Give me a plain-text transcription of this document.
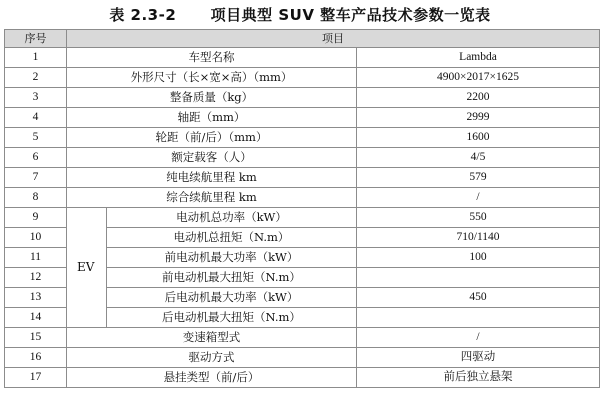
表 2.3-2      项目典型 SUV 整车产品技术参数一览表
序号	项目		
1	车型名称		Lambda
2	外形尺寸（长×宽×高）（mm）		4900×2017×1625
3	整备质量（kg）		2200
4	轴距（mm）		2999
5	轮距（前/后）（mm）		1600
6	额定载客（人）		4/5
7	纯电续航里程 km		579
8	综合续航里程 km		/
9	EV	电动机总功率（kW）	550
10		电动机总扭矩（N.m）	710/1140
11		前电动机最大功率（kW）	100
12		前电动机最大扭矩（N.m）	
13		后电动机最大功率（kW）	450
14		后电动机最大扭矩（N.m）	
15	变速箱型式		/
16	驱动方式		四驱动
17	悬挂类型（前/后）		前后独立悬架
